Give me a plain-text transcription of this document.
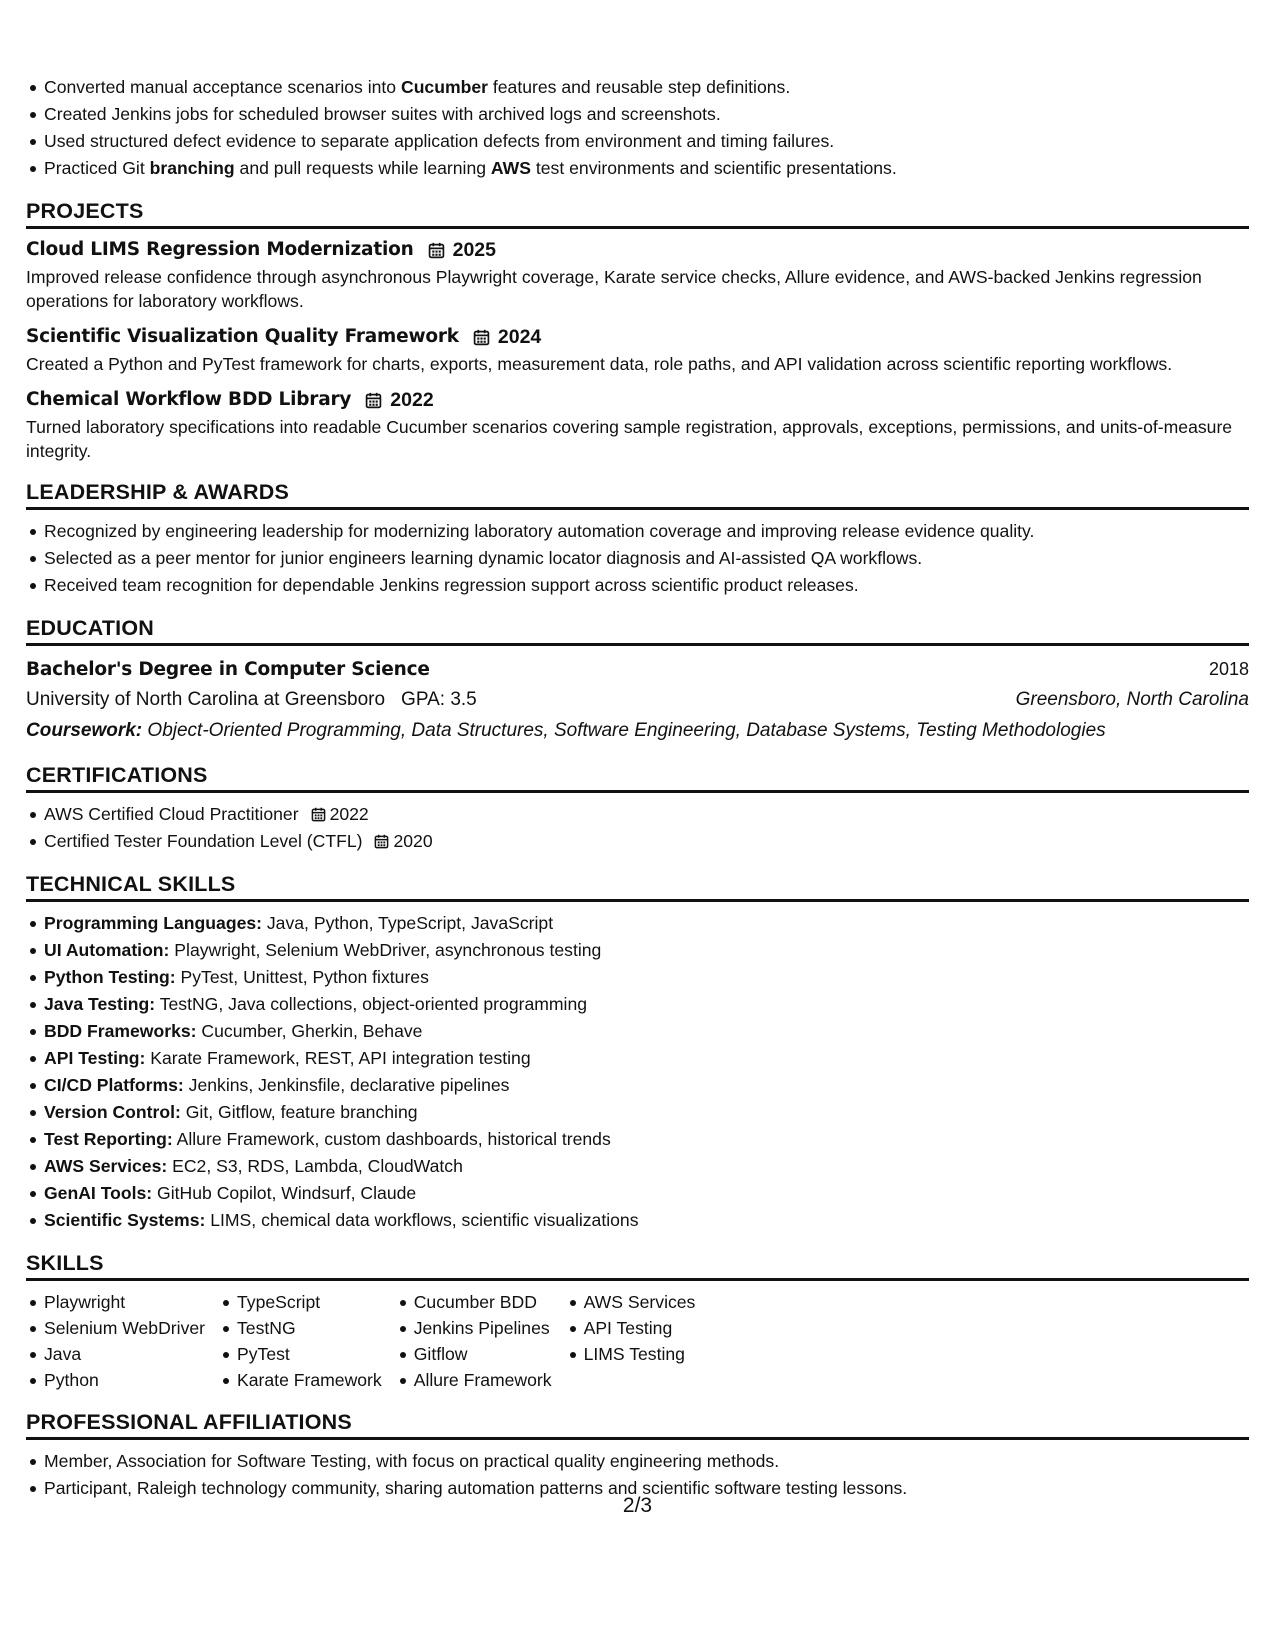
Converted manual acceptance scenarios into Cucumber features and reusable step definitions.
Created Jenkins jobs for scheduled browser suites with archived logs and screenshots.
Used structured defect evidence to separate application defects from environment and timing failures.
Practiced Git branching and pull requests while learning AWS test environments and scientific presentations.
PROJECTS
Cloud LIMS Regression Modernization 2025
Improved release confidence through asynchronous Playwright coverage, Karate service checks, Allure evidence, and AWS-backed Jenkins regression operations for laboratory workflows.
Scientific Visualization Quality Framework 2024
Created a Python and PyTest framework for charts, exports, measurement data, role paths, and API validation across scientific reporting workflows.
Chemical Workflow BDD Library 2022
Turned laboratory specifications into readable Cucumber scenarios covering sample registration, approvals, exceptions, permissions, and units-of-measure integrity.
LEADERSHIP & AWARDS
Recognized by engineering leadership for modernizing laboratory automation coverage and improving release evidence quality.
Selected as a peer mentor for junior engineers learning dynamic locator diagnosis and AI-assisted QA workflows.
Received team recognition for dependable Jenkins regression support across scientific product releases.
EDUCATION
Bachelor's Degree in Computer Science	2018
University of North Carolina at Greensboro GPA: 3.5	Greensboro, North Carolina
Coursework: Object-Oriented Programming, Data Structures, Software Engineering, Database Systems, Testing Methodologies
CERTIFICATIONS
AWS Certified Cloud Practitioner 2022
Certified Tester Foundation Level (CTFL) 2020
TECHNICAL SKILLS
Programming Languages: Java, Python, TypeScript, JavaScript
UI Automation: Playwright, Selenium WebDriver, asynchronous testing
Python Testing: PyTest, Unittest, Python fixtures
Java Testing: TestNG, Java collections, object-oriented programming
BDD Frameworks: Cucumber, Gherkin, Behave
API Testing: Karate Framework, REST, API integration testing
CI/CD Platforms: Jenkins, Jenkinsfile, declarative pipelines
Version Control: Git, Gitflow, feature branching
Test Reporting: Allure Framework, custom dashboards, historical trends
AWS Services: EC2, S3, RDS, Lambda, CloudWatch
GenAI Tools: GitHub Copilot, Windsurf, Claude
Scientific Systems: LIMS, chemical data workflows, scientific visualizations
SKILLS
Playwright
Selenium WebDriver
Java
Python
TypeScript
TestNG
PyTest
Karate Framework
Cucumber BDD
Jenkins Pipelines
Gitflow
Allure Framework
AWS Services
API Testing
LIMS Testing
PROFESSIONAL AFFILIATIONS
Member, Association for Software Testing, with focus on practical quality engineering methods.
Participant, Raleigh technology community, sharing automation patterns and scientific software testing lessons.
2/3
